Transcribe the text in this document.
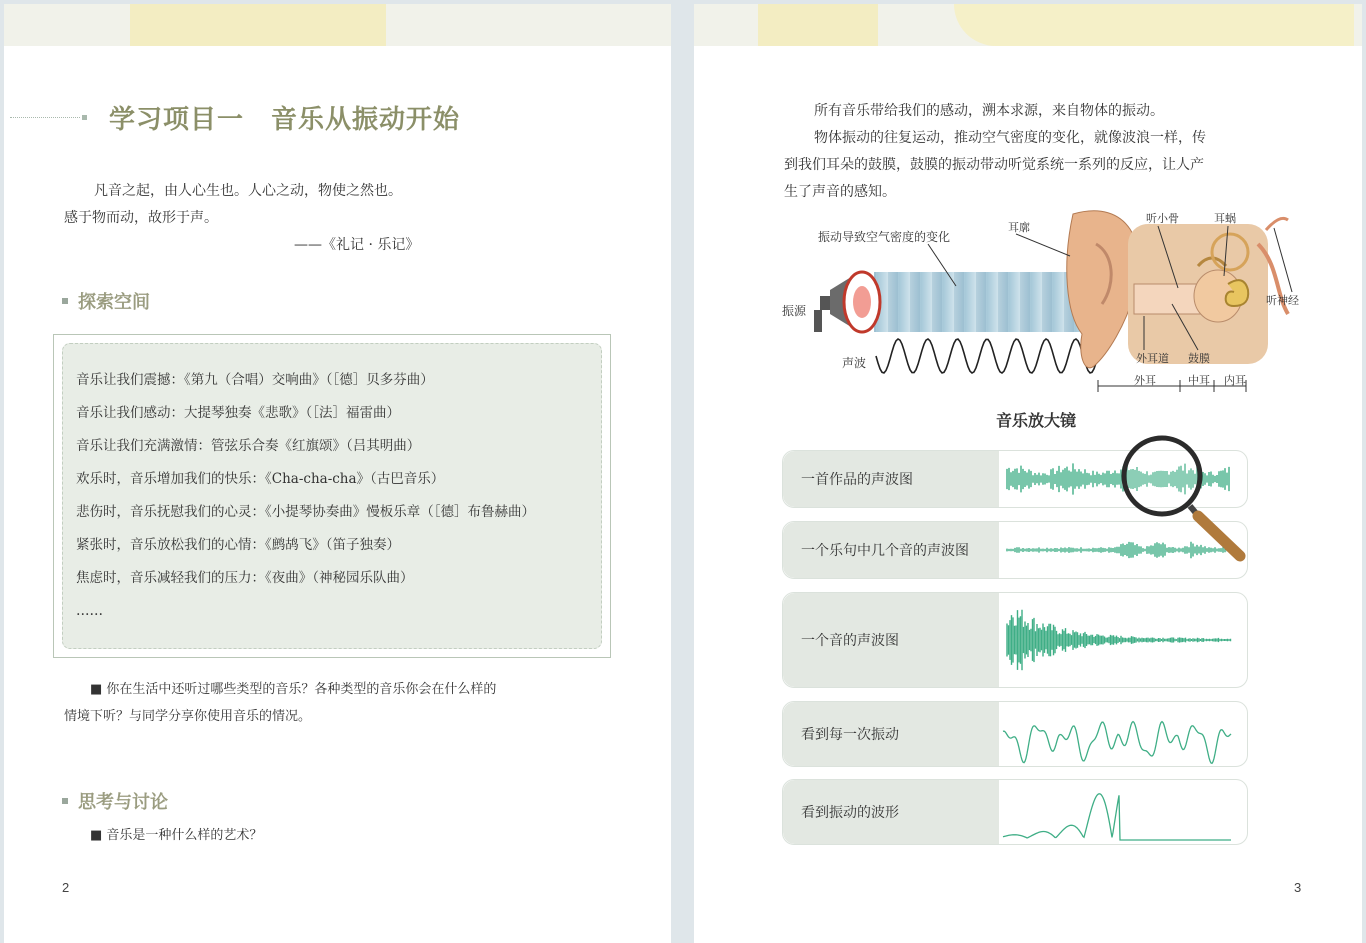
学习项目一　音乐从振动开始
凡音之起，由人心生也。人心之动，物使之然也。
感于物而动，故形于声。
——《礼记 · 乐记》
探索空间
音乐让我们震撼：《第九（合唱）交响曲》（［德］贝多芬曲）
音乐让我们感动：大提琴独奏《悲歌》（［法］福雷曲）
音乐让我们充满激情：管弦乐合奏《红旗颂》（吕其明曲）
欢乐时，音乐增加我们的快乐：《Cha-cha-cha》（古巴音乐）
悲伤时，音乐抚慰我们的心灵：《小提琴协奏曲》慢板乐章（［德］布鲁赫曲）
紧张时，音乐放松我们的心情：《鹧鸪飞》（笛子独奏）
焦虑时，音乐减轻我们的压力：《夜曲》（神秘园乐队曲）
……
■ 你在生活中还听过哪些类型的音乐？各种类型的音乐你会在什么样的
情境下听？与同学分享你使用音乐的情况。
思考与讨论
■ 音乐是一种什么样的艺术？
2
所有音乐带给我们的感动，溯本求源，来自物体的振动。
物体振动的往复运动，推动空气密度的变化，就像波浪一样，传
到我们耳朵的鼓膜，鼓膜的振动带动听觉系统一系列的反应，让人产
生了声音的感知。
振动导致空气密度的变化
振源
声波
耳廓
听小骨	耳蜗
听神经
外耳道 鼓膜
外耳	中耳 内耳
音乐放大镜
一首作品的声波图
一个乐句中几个音的声波图
一个音的声波图
看到每一次振动
看到振动的波形
3
